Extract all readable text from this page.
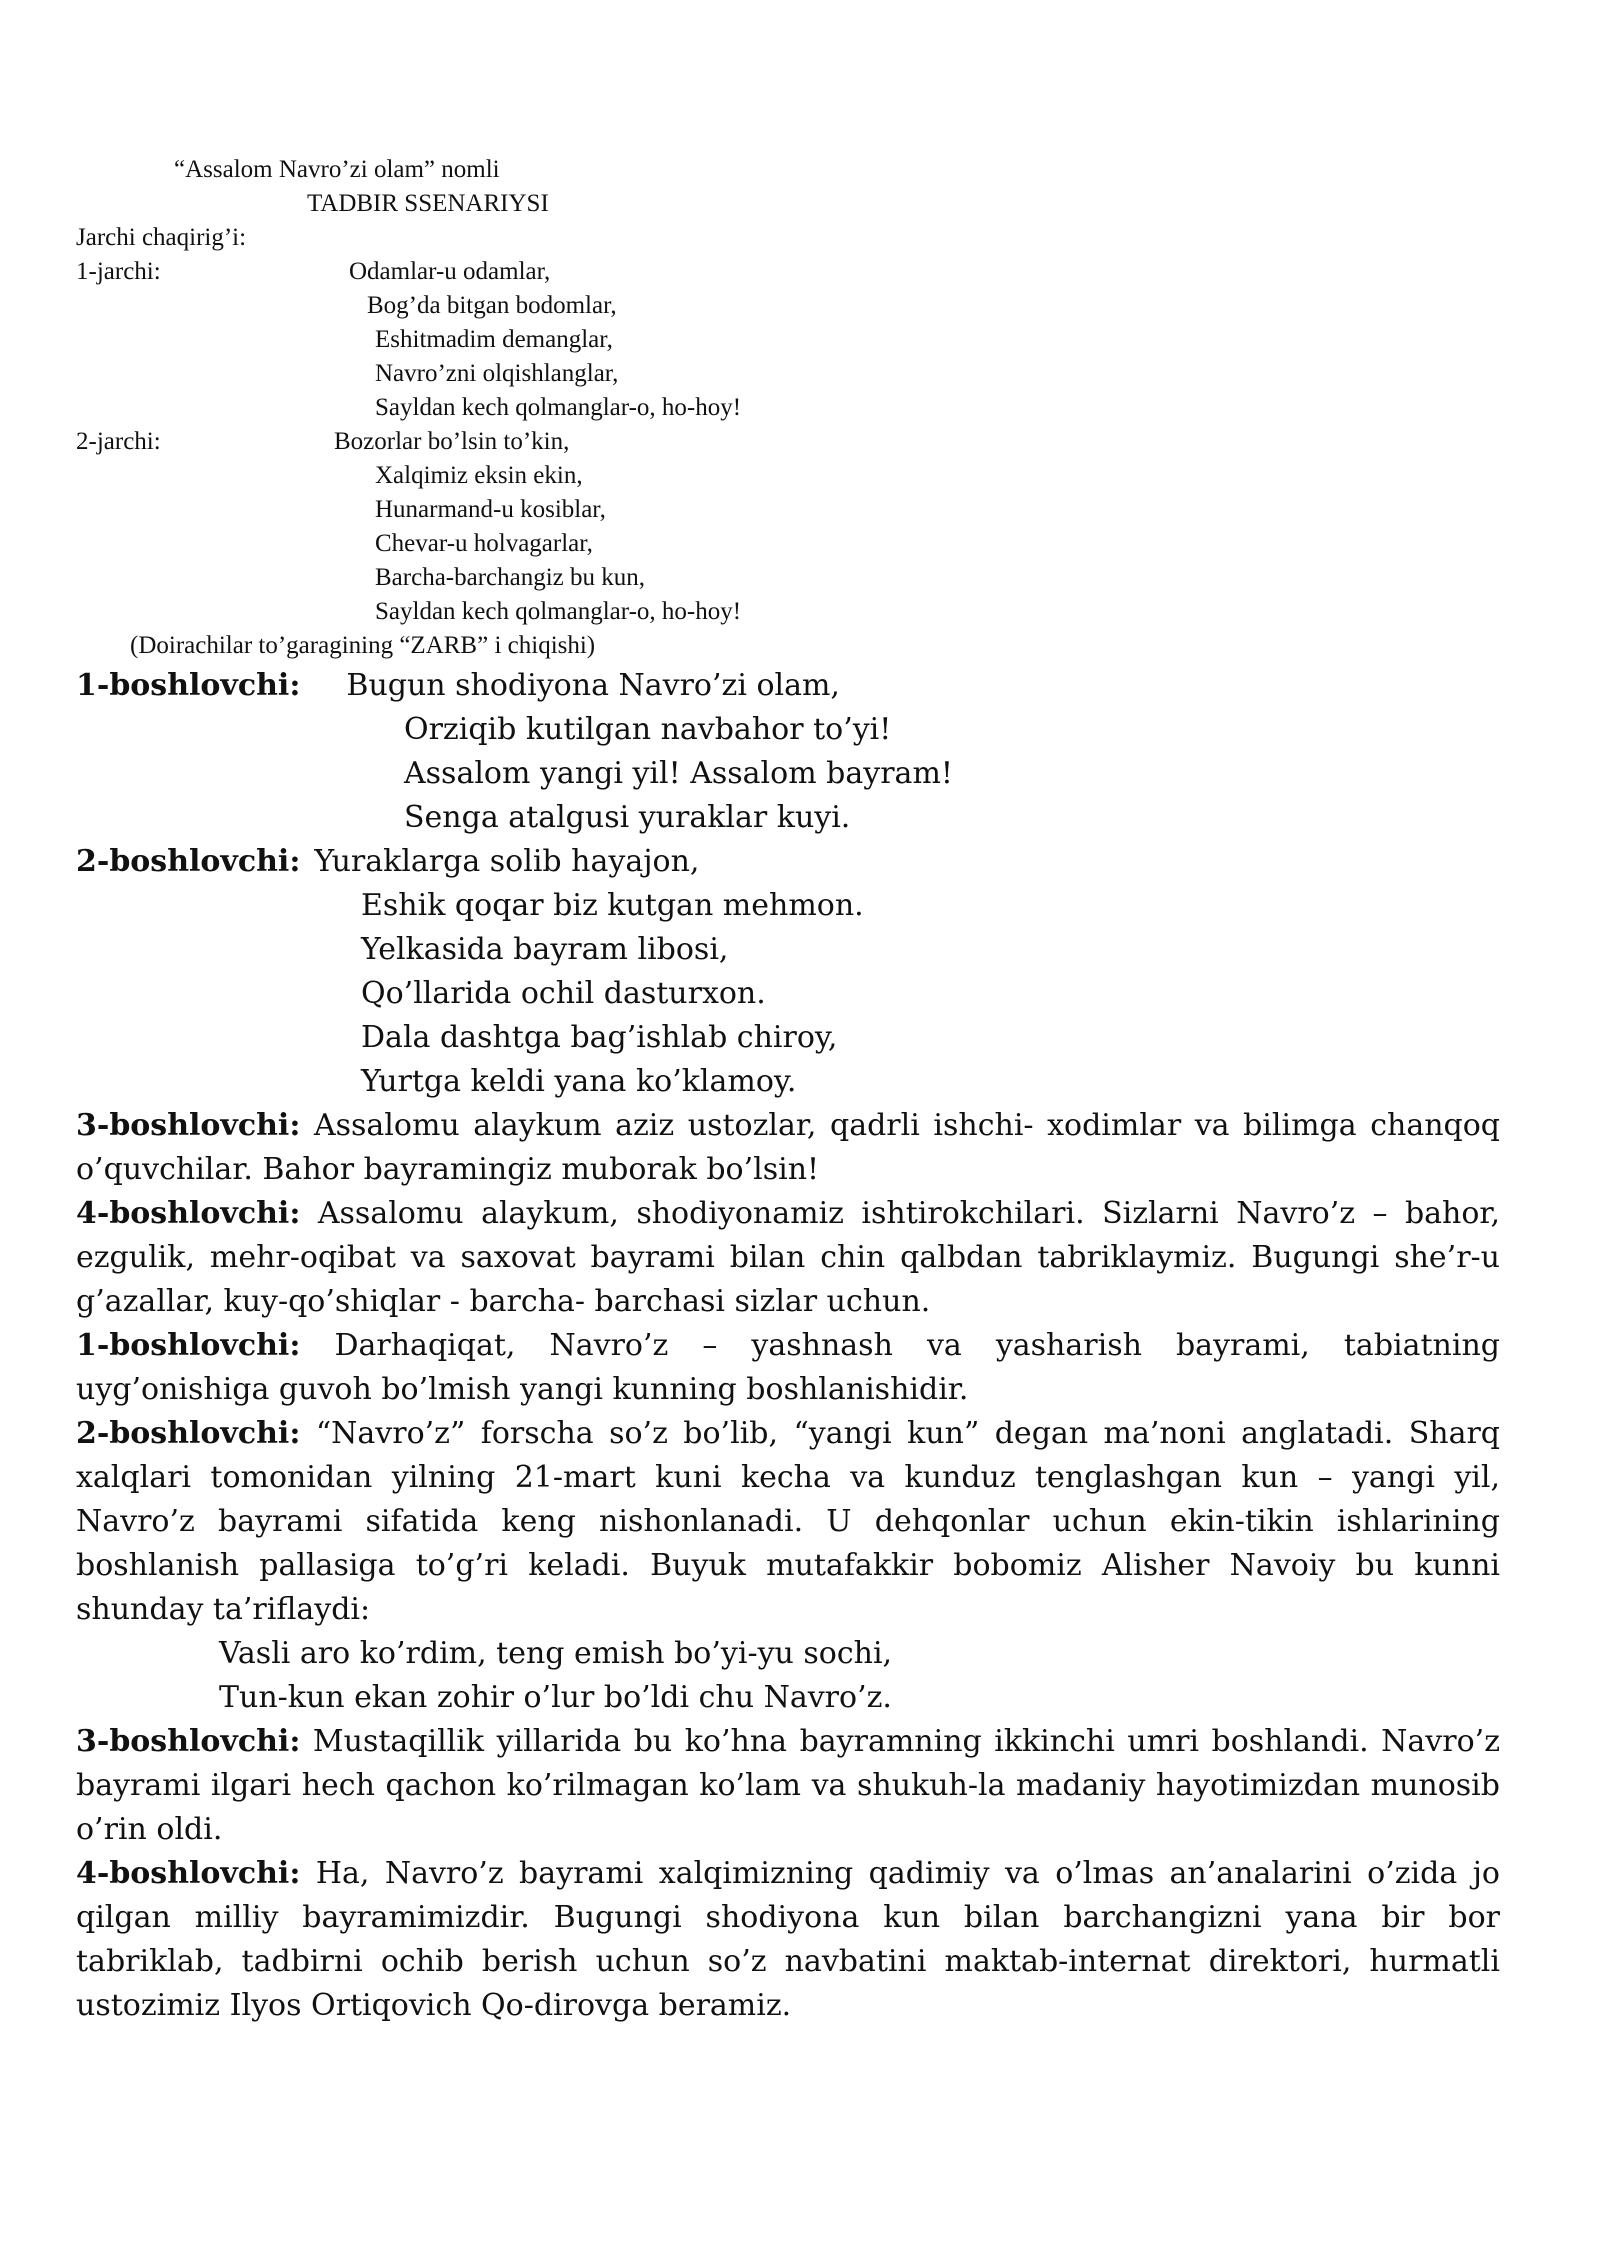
“Assalom Navro’zi olam” nomli
TADBIR SSENARIYSI
Jarchi chaqirig’i:
1-jarchi:	Odamlar-u odamlar,
Bog’da bitgan bodomlar,
Eshitmadim demanglar,
Navro’zni olqishlanglar,
Sayldan kech qolmanglar-o, ho-hoy!
2-jarchi:	Bozorlar bo’lsin to’kin,
Xalqimiz eksin ekin,
Hunarmand-u kosiblar,
Chevar-u holvagarlar,
Barcha-barchangiz bu kun,
Sayldan kech qolmanglar-o, ho-hoy!
(Doirachilar to’garagining “ZARB” i chiqishi)
1-boshlovchi: Bugun shodiyona Navro’zi olam,
Orziqib kutilgan navbahor to’yi!
Assalom yangi yil! Assalom bayram!
Senga atalgusi yuraklar kuyi.
2-boshlovchi: Yuraklarga solib hayajon,
Eshik qoqar biz kutgan mehmon.
Yelkasida bayram libosi,
Qo’llarida ochil dasturxon.
Dala dashtga bag’ishlab chiroy,
Yurtga keldi yana ko’klamoy.

3-boshlovchi: Assalomu alaykum aziz ustozlar, qadrli ishchi- xodimlar va bilimga chanqoq o’quvchilar. Bahor bayramingiz muborak bo’lsin!

4-boshlovchi: Assalomu alaykum, shodiyonamiz ishtirokchilari. Sizlarni Navro’z – bahor, ezgulik, mehr-oqibat va saxovat bayrami bilan chin qalbdan tabriklaymiz. Bugungi she’r-u g’azallar, kuy-qo’shiqlar - barcha- barchasi sizlar uchun.

1-boshlovchi: Darhaqiqat, Navro’z – yashnash va yasharish bayrami, tabiatning uyg’onishiga guvoh bo’lmish yangi kunning boshlanishidir.

2-boshlovchi: “Navro’z” forscha so’z bo’lib, “yangi kun” degan ma’noni anglatadi. Sharq xalqlari tomonidan yilning 21-mart kuni kecha va kunduz tenglashgan kun – yangi yil, Navro’z bayrami sifatida keng nishonlanadi. U dehqonlar uchun ekin-tikin ishlarining boshlanish pallasiga to’g’ri keladi. Buyuk mutafakkir bobomiz Alisher Navoiy bu kunni shunday ta’riflaydi:

Vasli aro ko’rdim, teng emish bo’yi-yu sochi,
Tun-kun ekan zohir o’lur bo’ldi chu Navro’z.

3-boshlovchi: Mustaqillik yillarida bu ko’hna bayramning ikkinchi umri boshlandi. Navro’z bayrami ilgari hech qachon ko’rilmagan ko’lam va shukuh-la madaniy hayotimizdan munosib o’rin oldi.

4-boshlovchi: Ha, Navro’z bayrami xalqimizning qadimiy va o’lmas an’analarini o’zida jo qilgan milliy bayramimizdir. Bugungi shodiyona kun bilan barchangizni yana bir bor tabriklab, tadbirni ochib berish uchun so’z navbatini maktab-internat direktori, hurmatli ustozimiz Ilyos Ortiqovich Qo-dirovga beramiz.
